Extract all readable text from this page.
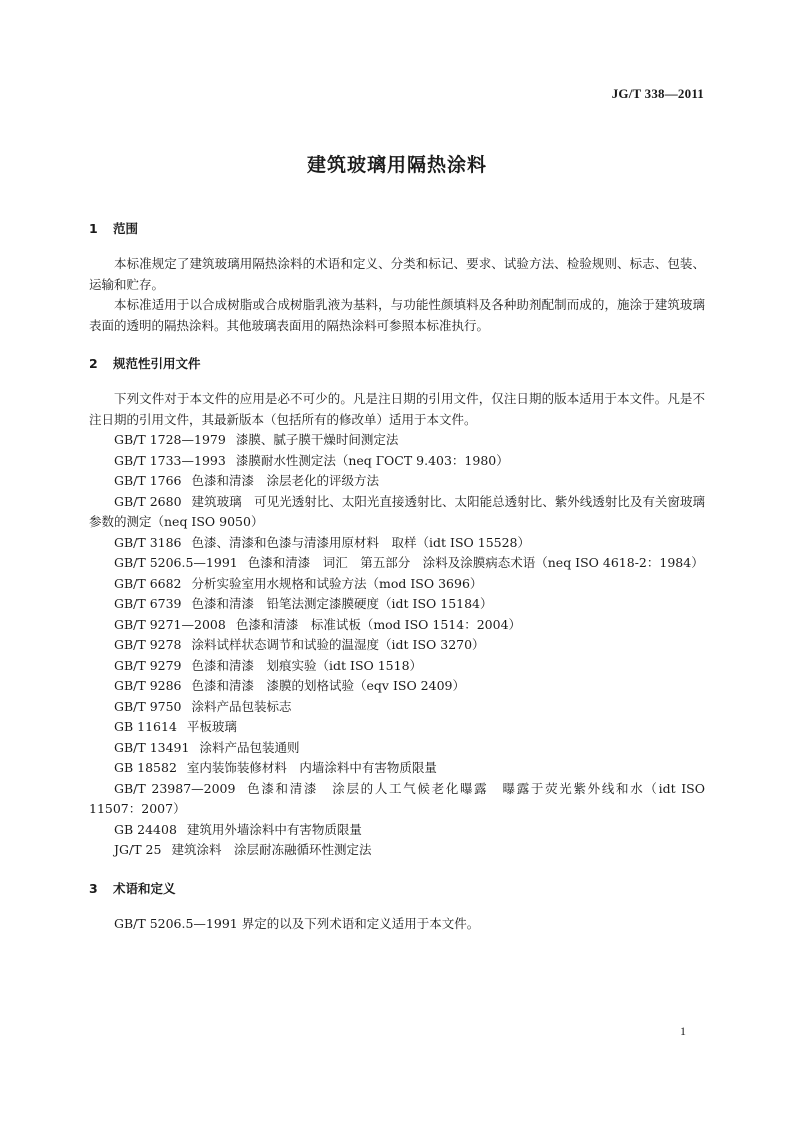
JG/T 338—2011
建筑玻璃用隔热涂料
1 范围

本标准规定了建筑玻璃用隔热涂料的术语和定义、分类和标记、要求、试验方法、检验规则、标志、包装、运输和贮存。

本标准适用于以合成树脂或合成树脂乳液为基料，与功能性颜填料及各种助剂配制而成的，施涂于建筑玻璃表面的透明的隔热涂料。其他玻璃表面用的隔热涂料可参照本标准执行。

2 规范性引用文件

下列文件对于本文件的应用是必不可少的。凡是注日期的引用文件，仅注日期的版本适用于本文件。凡是不注日期的引用文件，其最新版本（包括所有的修改单）适用于本文件。

GB/T 1728—1979 漆膜、腻子膜干燥时间测定法

GB/T 1733—1993 漆膜耐水性测定法（neq ГОСТ 9.403：1980）

GB/T 1766 色漆和清漆　涂层老化的评级方法

GB/T 2680 建筑玻璃　可见光透射比、太阳光直接透射比、太阳能总透射比、紫外线透射比及有关窗玻璃参数的测定（neq ISO 9050）

GB/T 3186 色漆、清漆和色漆与清漆用原材料　取样（idt ISO 15528）

GB/T 5206.5—1991 色漆和清漆　词汇　第五部分　涂料及涂膜病态术语（neq ISO 4618-2：1984）

GB/T 6682 分析实验室用水规格和试验方法（mod ISO 3696）

GB/T 6739 色漆和清漆　铅笔法测定漆膜硬度（idt ISO 15184）

GB/T 9271—2008 色漆和清漆　标准试板（mod ISO 1514：2004）

GB/T 9278 涂料试样状态调节和试验的温湿度（idt ISO 3270）

GB/T 9279 色漆和清漆　划痕实验（idt ISO 1518）

GB/T 9286 色漆和清漆　漆膜的划格试验（eqv ISO 2409）

GB/T 9750 涂料产品包装标志

GB 11614 平板玻璃

GB/T 13491 涂料产品包装通则

GB 18582 室内装饰装修材料　内墙涂料中有害物质限量

GB/T 23987—2009 色漆和清漆　涂层的人工气候老化曝露　曝露于荧光紫外线和水（idt ISO 11507：2007）

GB 24408 建筑用外墙涂料中有害物质限量

JG/T 25 建筑涂料　涂层耐冻融循环性测定法

3 术语和定义

GB/T 5206.5—1991 界定的以及下列术语和定义适用于本文件。

1
